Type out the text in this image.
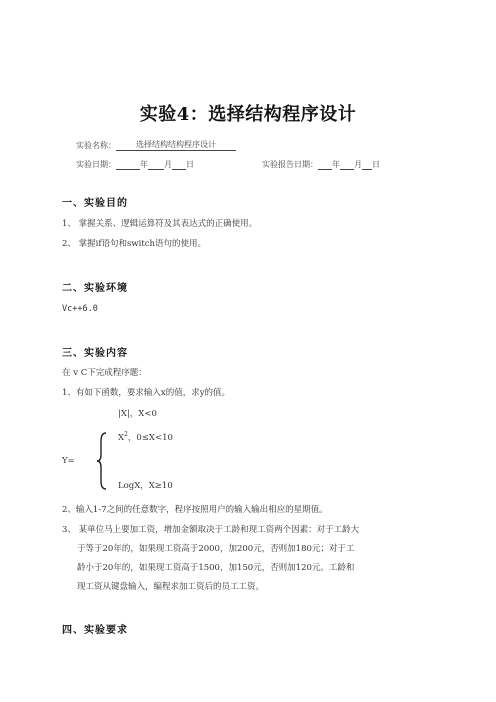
实验4：选择结构程序设计
实验名称：	选择结构结构程序设计
实验日期：	年 月 日	实验报告日期： 年 月 日
一、实验目的
1、 掌握关系、逻辑运算符及其表达式的正确使用。
2、 掌握if语句和switch语句的使用。
二、实验环境
Vc++6.0
三、实验内容
在 v C下完成程序题：
1、有如下函数，要求输入x的值，求y的值。
Y=
|X|，X<0
$X^2$，0≤X<10
LogX，X≥10
2、输入1-7之间的任意数字，程序按照用户的输入输出相应的星期值。
3、 某单位马上要加工资，增加金额取决于工龄和现工资两个因素：对于工龄大
于等于20年的，如果现工资高于2000，加200元，否则加180元；对于工
龄小于20年的，如果现工资高于1500，加150元，否则加120元。工龄和
现工资从键盘输入，编程求加工资后的员工工资。
四、实验要求
